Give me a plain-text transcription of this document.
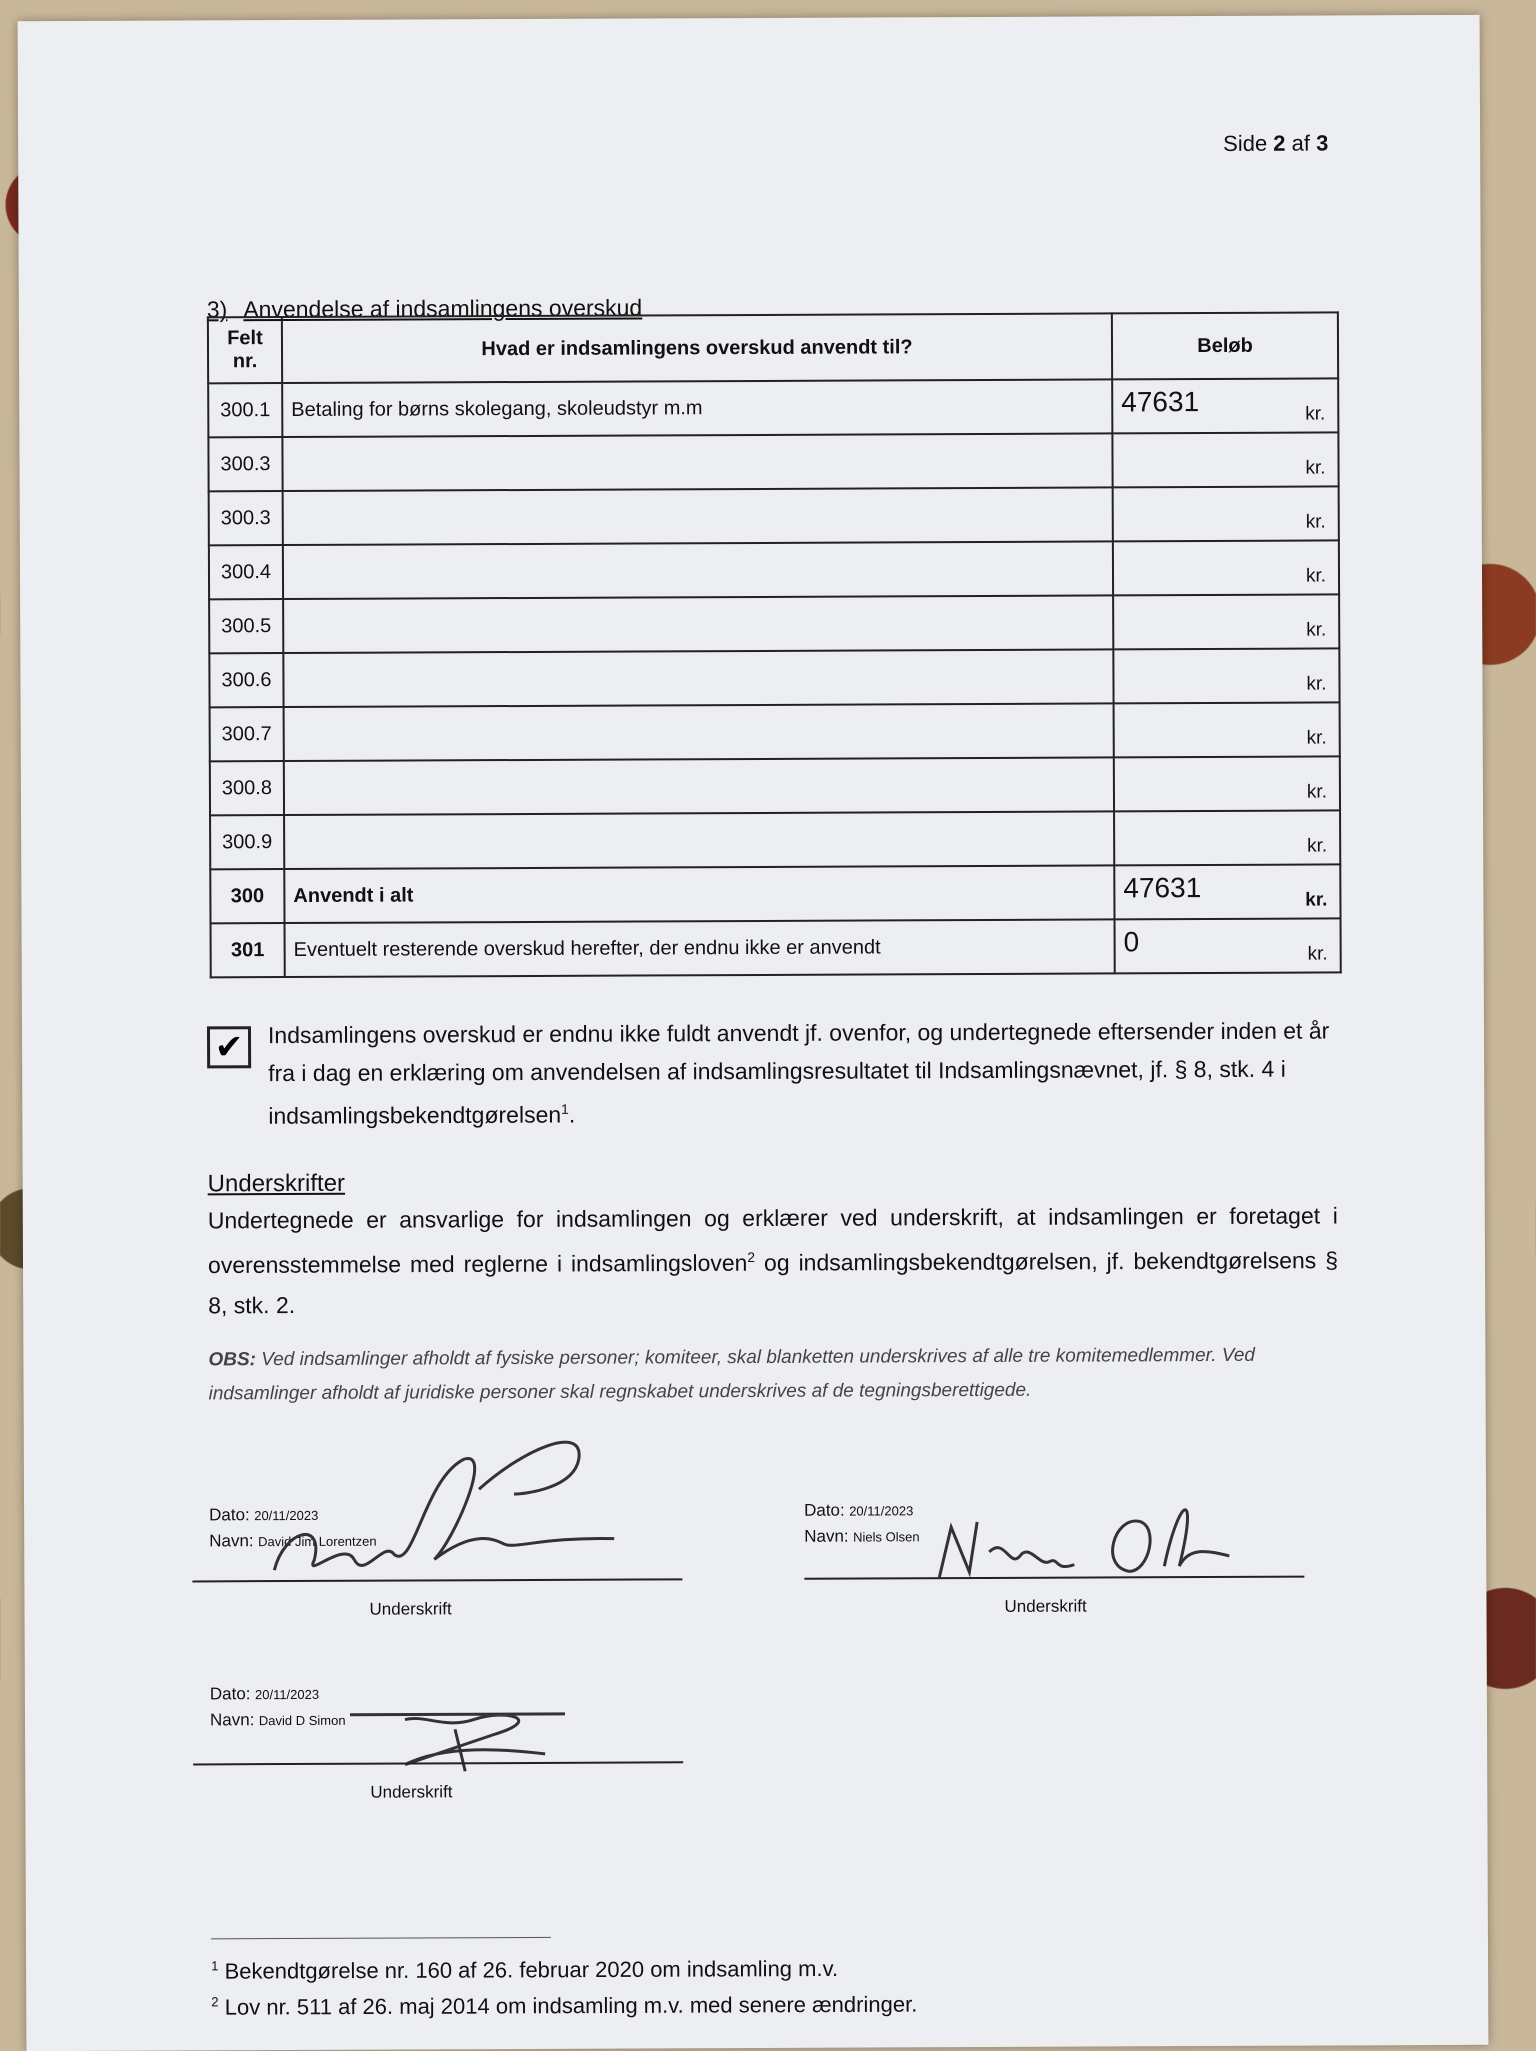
Side 2 af 3
3) Anvendelse af indsamlingens overskud
Felt nr.	Hvad er indsamlingens overskud anvendt til?	Beløb
300.1	Betaling for børns skolegang, skoleudstyr m.m	47631 kr.

300.3		kr.

300.3		kr.

300.4		kr.

300.5		kr.

300.6		kr.

300.7		kr.

300.8		kr.

300.9		kr.

300	Anvendt i alt	47631 kr.

301	Eventuelt resterende overskud herefter, der endnu ikke er anvendt	0 kr.
✔	Indsamlingens overskud er endnu ikke fuldt anvendt jf. ovenfor, og undertegnede eftersender inden et år fra i dag en erklæring om anvendelsen af indsamlingsresultatet til Indsamlingsnævnet, jf. § 8, stk. 4 i indsamlingsbekendtgørelsen$^1$.
Underskrifter
Undertegnede er ansvarlige for indsamlingen og erklærer ved underskrift, at indsamlingen er foretaget i overensstemmelse med reglerne i indsamlingsloven$^2$ og indsamlingsbekendtgørelsen, jf. bekendtgørelsens § 8, stk. 2.
OBS: Ved indsamlinger afholdt af fysiske personer; komiteer, skal blanketten underskrives af alle tre komitemedlemmer. Ved indsamlinger afholdt af juridiske personer skal regnskabet underskrives af de tegningsberettigede.
Dato: 20/11/2023
Navn: David Jim Lorentzen
Underskrift
Dato: 20/11/2023
Navn: Niels Olsen
Underskrift
Dato: 20/11/2023
Navn: David D Simon
Underskrift
$^1$ Bekendtgørelse nr. 160 af 26. februar 2020 om indsamling m.v.
$^2$ Lov nr. 511 af 26. maj 2014 om indsamling m.v. med senere ændringer.
